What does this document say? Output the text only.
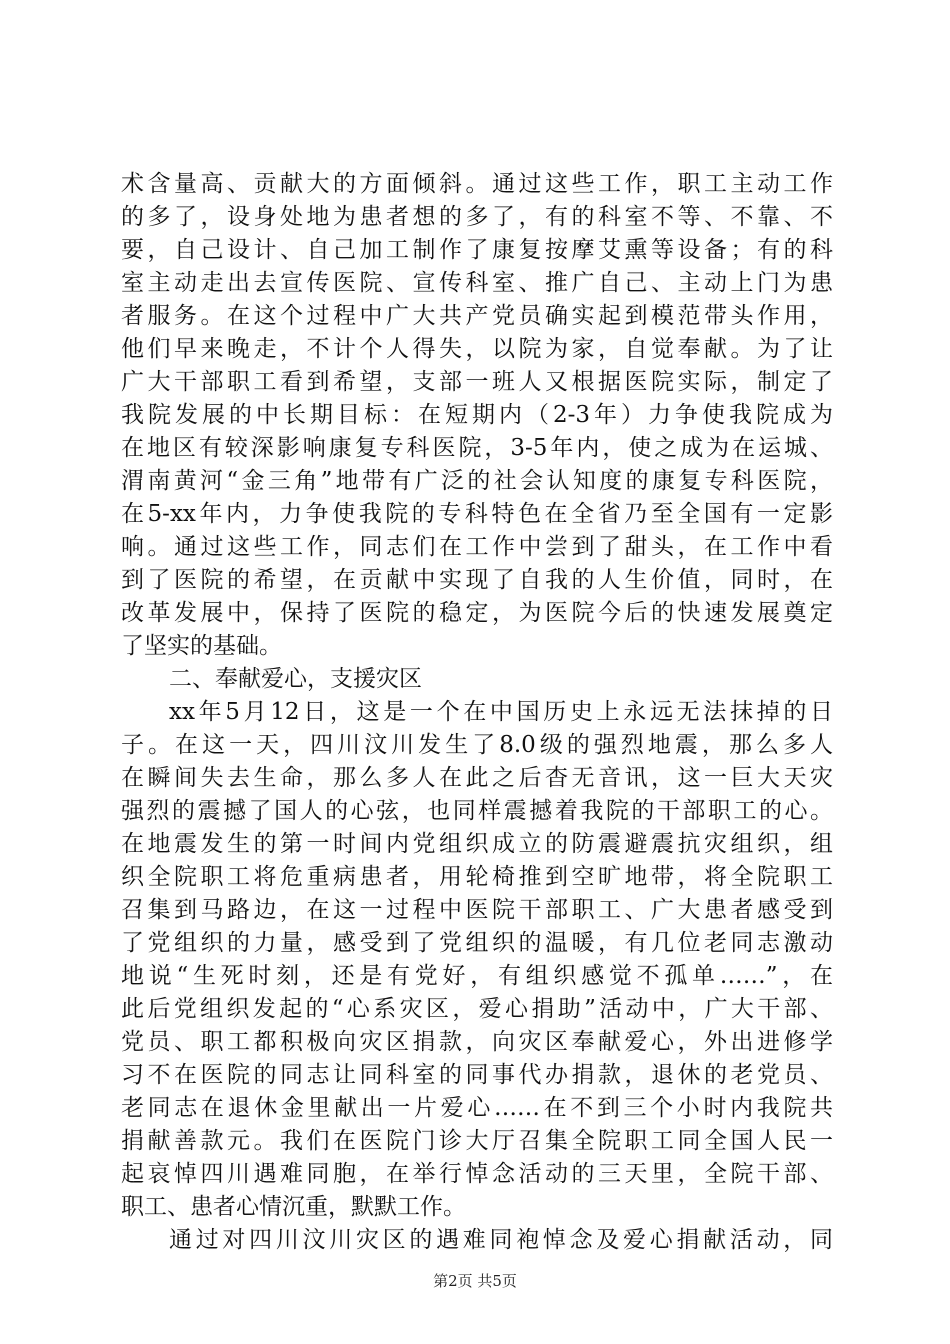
术含量高、贡献大的方面倾斜。通过这些工作，职工主动工作
的多了，设身处地为患者想的多了，有的科室不等、不靠、不
要，自己设计、自己加工制作了康复按摩艾熏等设备；有的科
室主动走出去宣传医院、宣传科室、推广自己、主动上门为患
者服务。在这个过程中广大共产党员确实起到模范带头作用，
他们早来晚走，不计个人得失，以院为家，自觉奉献。为了让
广大干部职工看到希望，支部一班人又根据医院实际，制定了
我院发展的中长期目标：在短期内（2-3年）力争使我院成为
在地区有较深影响康复专科医院，3-5年内，使之成为在运城、
渭南黄河“金三角”地带有广泛的社会认知度的康复专科医院，
在5-xx年内，力争使我院的专科特色在全省乃至全国有一定影
响。通过这些工作，同志们在工作中尝到了甜头，在工作中看
到了医院的希望，在贡献中实现了自我的人生价值，同时，在
改革发展中，保持了医院的稳定，为医院今后的快速发展奠定
了坚实的基础。
二、奉献爱心，支援灾区
xx年5月12日，这是一个在中国历史上永远无法抹掉的日
子。在这一天，四川汶川发生了8.0级的强烈地震，那么多人
在瞬间失去生命，那么多人在此之后杳无音讯，这一巨大天灾
强烈的震撼了国人的心弦，也同样震撼着我院的干部职工的心。
在地震发生的第一时间内党组织成立的防震避震抗灾组织，组
织全院职工将危重病患者，用轮椅推到空旷地带，将全院职工
召集到马路边，在这一过程中医院干部职工、广大患者感受到
了党组织的力量，感受到了党组织的温暖，有几位老同志激动
地说“生死时刻，还是有党好，有组织感觉不孤单……”，在
此后党组织发起的“心系灾区，爱心捐助”活动中，广大干部、
党员、职工都积极向灾区捐款，向灾区奉献爱心，外出进修学
习不在医院的同志让同科室的同事代办捐款，退休的老党员、
老同志在退休金里献出一片爱心……在不到三个小时内我院共
捐献善款元。我们在医院门诊大厅召集全院职工同全国人民一
起哀悼四川遇难同胞，在举行悼念活动的三天里，全院干部、
职工、患者心情沉重，默默工作。
通过对四川汶川灾区的遇难同袍悼念及爱心捐献活动，同
第2页 共5页
